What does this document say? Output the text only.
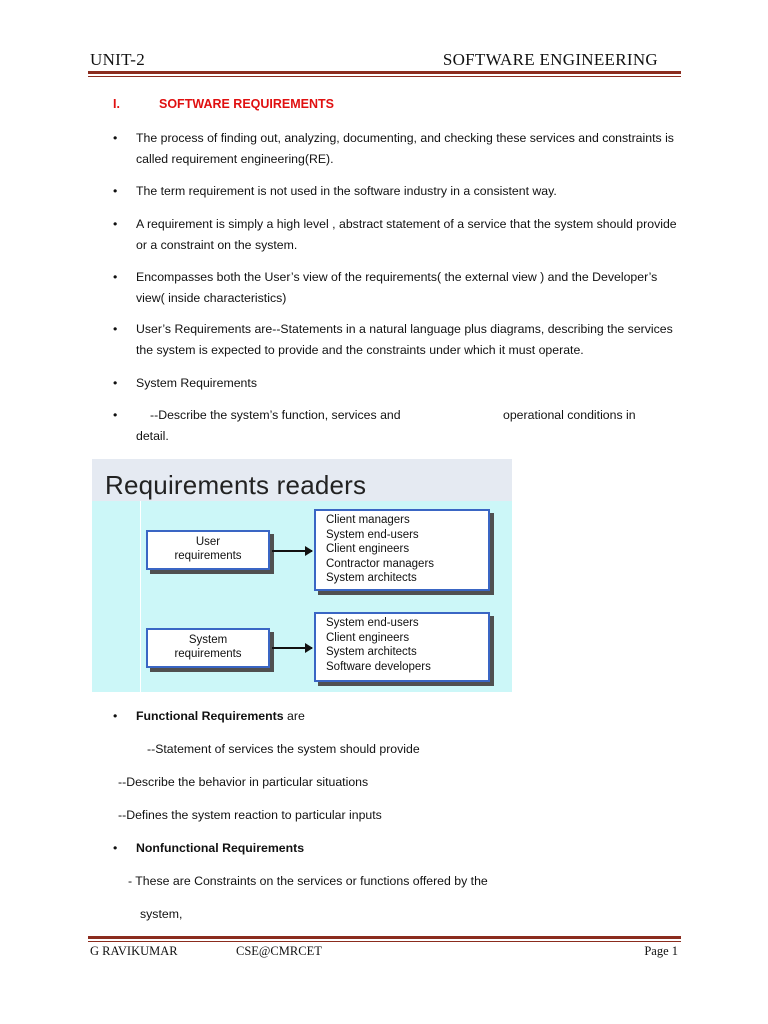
UNIT-2	SOFTWARE ENGINEERING
I.	SOFTWARE REQUIREMENTS
• The process of finding out, analyzing, documenting, and checking these services and constraints is called requirement engineering(RE).
• The term requirement is not used in the software industry in a consistent way.
• A requirement is simply a high level , abstract statement of a service that the system should provide or a constraint on the system.
• Encompasses both the User’s view of the requirements( the external view ) and the Developer’s view( inside characteristics)
• User’s Requirements are--Statements in a natural language plus diagrams, describing the services the system is expected to provide and the constraints under which it must operate.
• System Requirements
•	--Describe the system’s function, services and	operational conditions in
detail.
Requirements readers
User
requirements
Client managers
System end-users
Client engineers
Contractor managers
System architects
System
requirements
System end-users
Client engineers
System architects
Software developers
• Functional Requirements are
--Statement of services the system should provide
--Describe the behavior in particular situations
--Defines the system reaction to particular inputs
• Nonfunctional Requirements
- These are Constraints on the services or functions offered by the
system,
G RAVIKUMAR	CSE@CMRCET	Page 1
